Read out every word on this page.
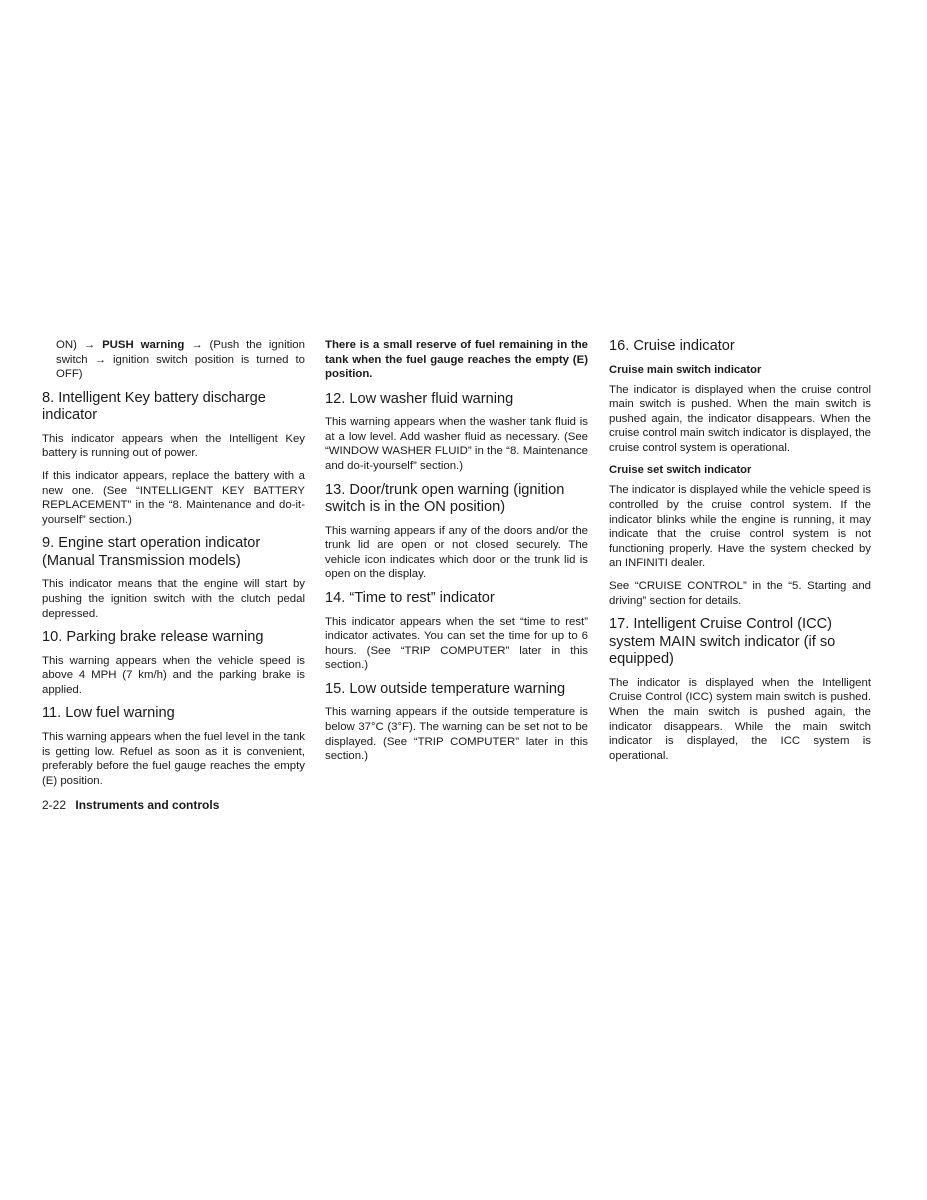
ON) → PUSH warning → (Push the ignition switch → ignition switch position is turned to OFF)

8. Intelligent Key battery discharge indicator

This indicator appears when the Intelligent Key battery is running out of power.

If this indicator appears, replace the battery with a new one. (See “INTELLIGENT KEY BATTERY REPLACEMENT” in the “8. Maintenance and do-it-yourself” section.)

9. Engine start operation indicator (Manual Transmission models)

This indicator means that the engine will start by pushing the ignition switch with the clutch pedal depressed.

10. Parking brake release warning

This warning appears when the vehicle speed is above 4 MPH (7 km/h) and the parking brake is applied.

11. Low fuel warning

This warning appears when the fuel level in the tank is getting low. Refuel as soon as it is convenient, preferably before the fuel gauge reaches the empty (E) position.

There is a small reserve of fuel remaining in the tank when the fuel gauge reaches the empty (E) position.

12. Low washer fluid warning

This warning appears when the washer tank fluid is at a low level. Add washer fluid as necessary. (See “WINDOW WASHER FLUID” in the “8. Maintenance and do-it-yourself” section.)

13. Door/trunk open warning (ignition switch is in the ON position)

This warning appears if any of the doors and/or the trunk lid are open or not closed securely. The vehicle icon indicates which door or the trunk lid is open on the display.

14. “Time to rest” indicator

This indicator appears when the set “time to rest” indicator activates. You can set the time for up to 6 hours. (See “TRIP COMPUTER” later in this section.)

15. Low outside temperature warning

This warning appears if the outside temperature is below 37°C (3°F). The warning can be set not to be displayed. (See “TRIP COMPUTER” later in this section.)

16. Cruise indicator
Cruise main switch indicator

The indicator is displayed when the cruise control main switch is pushed. When the main switch is pushed again, the indicator disappears. When the cruise control main switch indicator is displayed, the cruise control system is operational.

Cruise set switch indicator

The indicator is displayed while the vehicle speed is controlled by the cruise control system. If the indicator blinks while the engine is running, it may indicate that the cruise control system is not functioning properly. Have the system checked by an INFINITI dealer.

See “CRUISE CONTROL” in the “5. Starting and driving” section for details.

17. Intelligent Cruise Control (ICC) system MAIN switch indicator (if so equipped)

The indicator is displayed when the Intelligent Cruise Control (ICC) system main switch is pushed. When the main switch is pushed again, the indicator disappears. While the main switch indicator is displayed, the ICC system is operational.

2-22 Instruments and controls
